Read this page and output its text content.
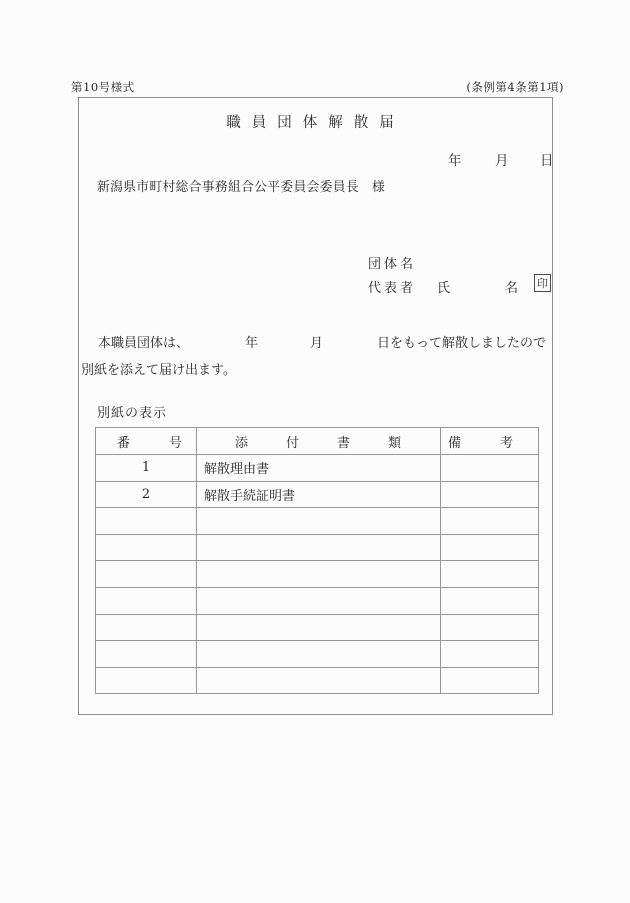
第10号様式	(条例第4条第1項)
職員団体解散届
年 月 日
新潟県市町村総合事務組合公平委員会委員長　様
団体名
代表者 氏	名 印
本職員団体は、	年	月	日をもって解散しましたので
別紙を添えて届け出ます。
別紙の表示
番 号	添 付 書 類	備 考

1	解散理由書	
2	解散手続証明書	
